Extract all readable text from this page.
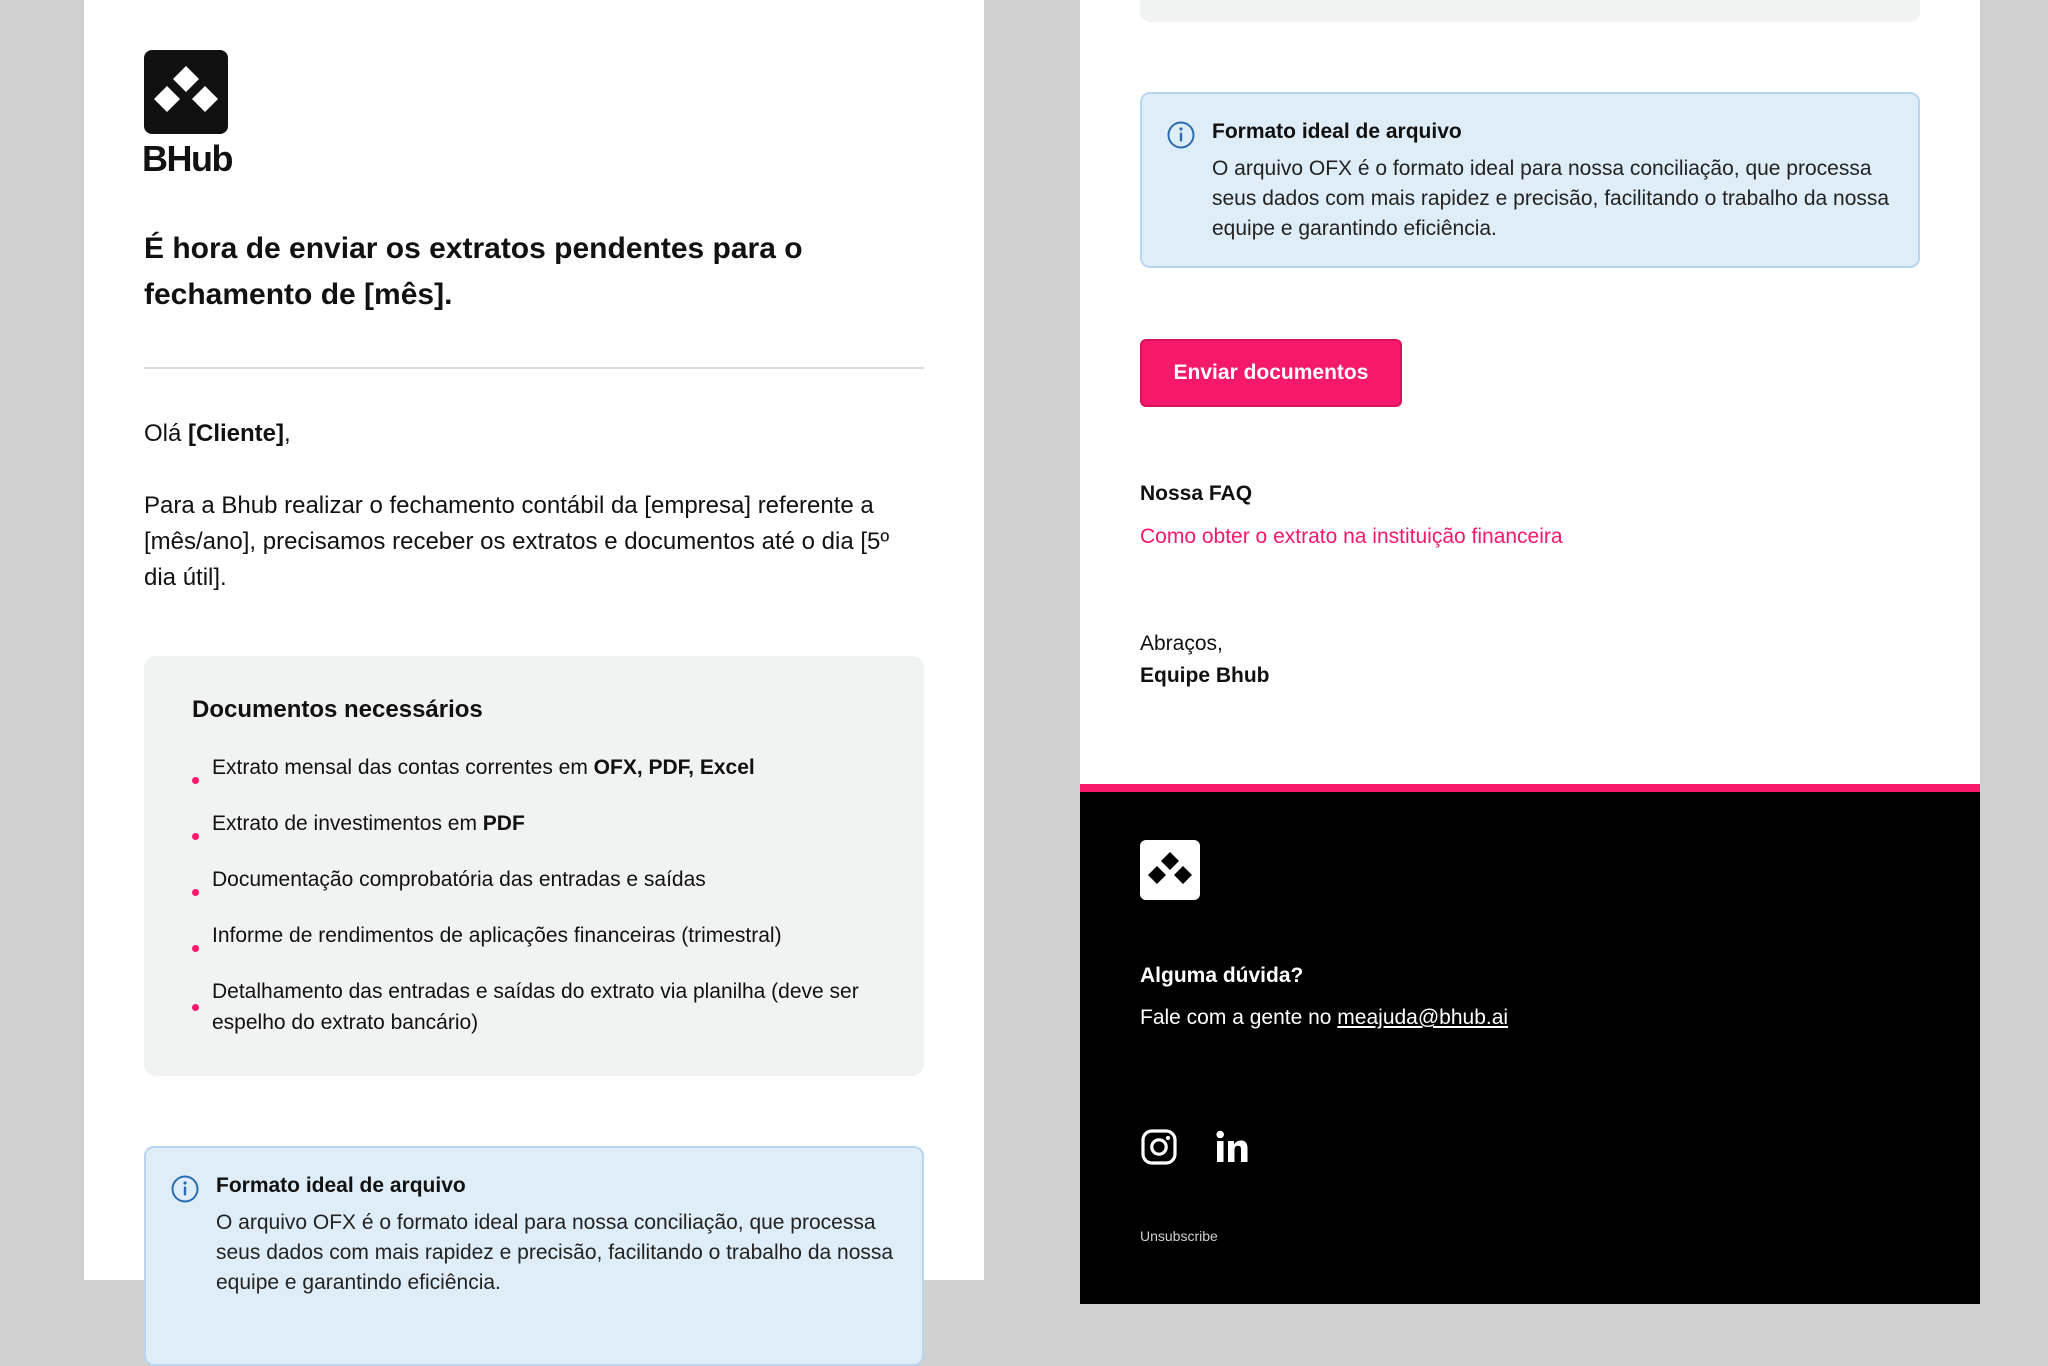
BHub
É hora de enviar os extratos pendentes para o fechamento de [mês].

Olá [Cliente],

Para a Bhub realizar o fechamento contábil da [empresa] referente a [mês/ano], precisamos receber os extratos e documentos até o dia [5º dia útil].

Documentos necessários
Extrato mensal das contas correntes em OFX, PDF, Excel
Extrato de investimentos em PDF
Documentação comprobatória das entradas e saídas
Informe de rendimentos de aplicações financeiras (trimestral)
Detalhamento das entradas e saídas do extrato via planilha (deve ser espelho do extrato bancário)
Formato ideal de arquivo
O arquivo OFX é o formato ideal para nossa conciliação, que processa seus dados com mais rapidez e precisão, facilitando o trabalho da nossa equipe e garantindo eficiência.
Formato ideal de arquivo
O arquivo OFX é o formato ideal para nossa conciliação, que processa seus dados com mais rapidez e precisão, facilitando o trabalho da nossa equipe e garantindo eficiência.
Enviar documentos
Nossa FAQ
Como obter o extrato na instituição financeira
Abraços,
Equipe Bhub
Alguma dúvida?
Fale com a gente no meajuda@bhub.ai
Unsubscribe
